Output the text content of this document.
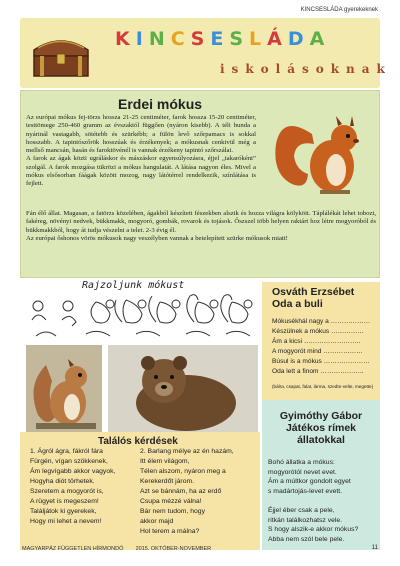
KINCSESLÁDA gyerekeknek
KINCSESLÁDA
iskolásoknak
Erdei mókus

Az európai mókus fej-törzs hossza 21-25 centiméter, farok hossza 15-20 centiméter, testtömege 250-460 gramm az évszaktól függően (nyáron kisebb). A téli bunda a nyárinál vastagabb, sötétebb és szürkébb; a fülön levő szőrpamacs is sokkal hosszabb. A tapintószőrök hosszúak és érzékenyek; a mókusnak cenkivül még a mellső mancsán, hasán és faroktövénél is vannak érzékeny tapintó szőrszálai.

A farok az ágak közti ugráláskor és mászáskor egyensúlyozásra, éjjel „takaróként” szolgál. A farok mozgása tükrözi a mókus hangulatát. A látása nagyon éles. Mivel a mókus elsősorban fáágak között mozog, nagy látótérrel rendelkezik, színlátása is fejlett.

Fán élő állat. Magasan, a fatörzs közelében, ágakból készített fészekben alszik és hozza világra kölyköit. Táplálékát lehet tobozt, fakéreg, növényi nedvek, bükkmakk, mogyoró, gombák, rovarok és tojások. Őszszel több helyen raktárt hoz létre mogyoróból és bükkmakkból, hogy át tudja vészelni a telet. 2-3 évig él.

Az európai őshonos vörös mókusok nagy veszélyben vannak a betelepített szürke mókusok miatt!

Rajzoljunk mókust
Osváth Erzsébet
Oda a buli
Mókusékhál nagy a ………………
Készülnek a mókus ……………
Ám a kicsi ……………………..
A mogyorót mind ………………
Búsul is a mókus …………………
Oda lett a finom ………………..
(bálra, csapat, falat, lárma, szedte-velte, megette)
Találós kérdések
1. Ágról ágra, fákról fára
Fürgén, vígan szökkenek,
Ám legvígabb akkor vagyok,
Hogyha diót törhetek.
Szeretem a mogyorót is,
A rügyet is megeszem!
Találjátok ki gyerekek,
Hogy mi lehet a nevem!
2. Barlang mélye az én hazám,
Itt élem világom,
Télen alszom, nyáron meg a
Kerekerdőt járom.
Azt se bánnám, ha az erdő
Csupa mézzé válna!
Bár nem tudom, hogy
akkor majd
Hol terem a málna?
Gyimóthy Gábor
Játékos rímek
állatokkal
Bohó állatka a mókus:
mogyorótól nevet evet.
Ám a múltkor gondolt egyet
s madártojás-levet evett.

Éjjel éber csak a pele,
ritkán találkozhatsz vele.
S hogy alszik-e akkor mókus?
Abba nem szól bele pele.
MAGYARPÁZ FÜGGETLEN HÍRMONDÓ 2015. OKTÓBER-NOVEMBER	11
